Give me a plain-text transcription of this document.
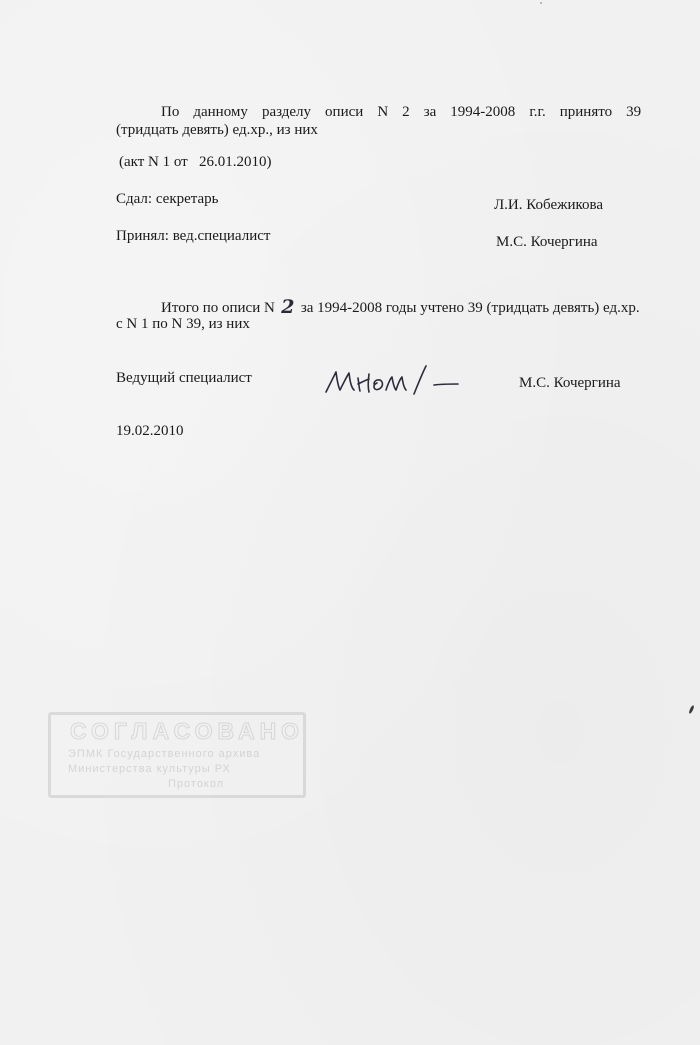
По данному разделу описи N 2 за 1994-2008 г.г. принято 39
(тридцать девять) ед.хр., из них
(акт N 1 от   26.01.2010)
Сдал: секретарь	Л.И. Кобежикова
Принял: вед.специалист	М.С. Кочергина
Итого по описи N 2 за 1994-2008 годы учтено 39 (тридцать девять) ед.хр.
с N 1 по N 39, из них
Ведущий специалист	М.С. Кочергина
19.02.2010
СОГЛАСОВАНО
ЭПМК Государственного архива
Министерства культуры РХ
Протокол
